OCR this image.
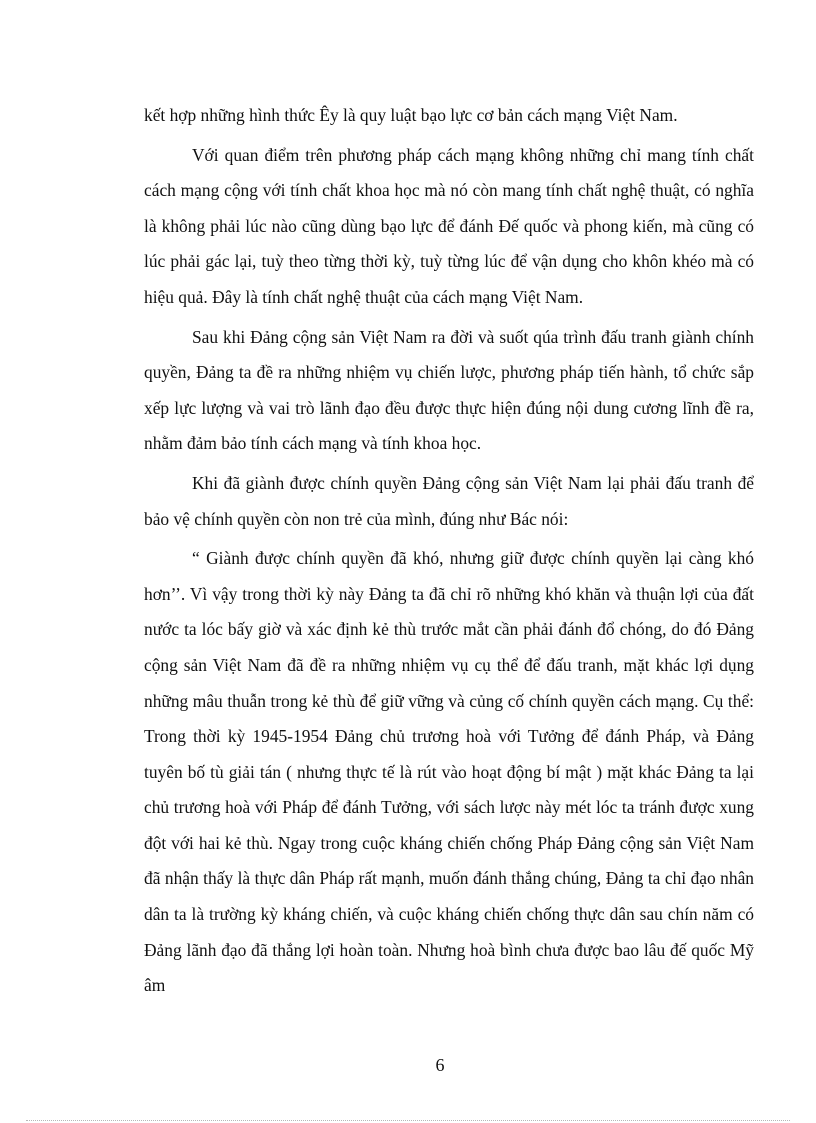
kết hợp những hình thức Êy là quy luật bạo lực cơ bản cách mạng Việt Nam.

Với quan điểm trên phương pháp cách mạng không những chỉ mang tính chất cách mạng cộng với tính chất khoa học mà nó còn mang tính chất nghệ thuật, có nghĩa là không phải lúc nào cũng dùng bạo lực để đánh Đế quốc và phong kiến, mà cũng có lúc phải gác lại, tuỳ theo từng thời kỳ, tuỳ từng lúc để vận dụng cho khôn khéo mà có hiệu quả. Đây là tính chất nghệ thuật của cách mạng Việt Nam.

Sau khi Đảng cộng sản Việt Nam ra đời và suốt qúa trình đấu tranh giành chính quyền, Đảng ta đề ra những nhiệm vụ chiến lược, phương pháp tiến hành, tổ chức sắp xếp lực lượng và vai trò lãnh đạo đều được thực hiện đúng nội dung cương lĩnh đề ra, nhằm đảm bảo tính cách mạng và tính khoa học.

Khi đã giành được chính quyền Đảng cộng sản Việt Nam lại phải đấu tranh để bảo vệ chính quyền còn non trẻ của mình, đúng như Bác nói:

“ Giành được chính quyền đã khó, nhưng giữ được chính quyền lại càng khó hơn’’. Vì vậy trong thời kỳ này Đảng ta đã chỉ rõ những khó khăn và thuận lợi của đất nước ta lóc bấy giờ và xác định kẻ thù trước mắt cần phải đánh đổ chóng, do đó Đảng cộng sản Việt Nam đã đề ra những nhiệm vụ cụ thể để đấu tranh, mặt khác lợi dụng những mâu thuẫn trong kẻ thù để giữ vững và củng cố chính quyền cách mạng. Cụ thể: Trong thời kỳ 1945-1954 Đảng chủ trương hoà với Tưởng để đánh Pháp, và Đảng tuyên bố tù giải tán ( nhưng thực tế là rút vào hoạt động bí mật ) mặt khác Đảng ta lại chủ trương hoà với Pháp để đánh Tưởng, với sách lược này mét lóc ta tránh được xung đột với hai kẻ thù. Ngay trong cuộc kháng chiến chống Pháp Đảng cộng sản Việt Nam đã nhận thấy là thực dân Pháp rất mạnh, muốn đánh thắng chúng, Đảng ta chỉ đạo nhân dân ta là trường kỳ kháng chiến, và cuộc kháng chiến chống thực dân sau chín năm có Đảng lãnh đạo đã thắng lợi hoàn toàn. Nhưng hoà bình chưa được bao lâu đế quốc Mỹ âm

6
